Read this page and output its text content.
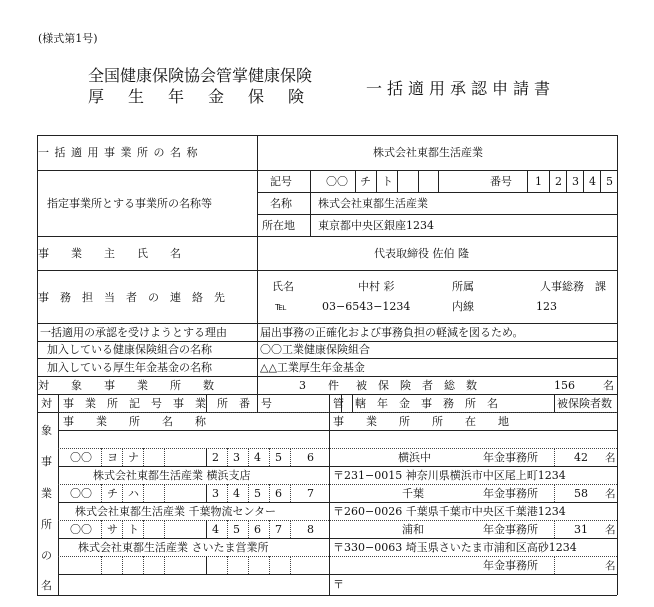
(様式第1号)
全国健康保険協会管掌健康保険
厚　生　年　金　保　険	一括適用承認申請書
一 括 適 用 事 業 所 の 名 称	株式会社東都生活産業
指定事業所とする事業所の名称等
記号	〇〇 チ ト	番号 1 2 3 4 5
名称 株式会社東都生活産業
所在地 東京都中央区銀座1234
事　　業　　主　　氏　　名	代表取締役 佐伯 隆
事　務　担　当　者　の　連　絡　先
氏名	中村 彩	所属	人事総務　課
℡	03−6543−1234	内線	123
一括適用の承認を受けようとする理由	届出事務の正確化および事務負担の軽減を図るため。
加入している健康保険組合の名称	〇〇工業健康保険組合
加入している厚生年金基金の名称	△△工業厚生年金基金
対　　象　　事　　業　　所　　数	3 件 被　保　険　者　総　数	156	名
対
象
事
業
所
の
名
事　業　所　記　号　事　業　所　番　号	管　轄　年　金　事　務　所　名	被保険者数
事　　業　　所　　名　　称	事　　業　　所　　所　　在　　地
〇〇 ヨ ナ	2 3 4 5 6	横浜中	年金事務所	42 名
株式会社東都生活産業 横浜支店	〒231−0015 神奈川県横浜市中区尾上町1234
〇〇 チ ハ	3 4 5 6 7	千葉	年金事務所	58 名
株式会社東都生活産業 千葉物流センター	〒260−0026 千葉県千葉市中央区千葉港1234
〇〇 サ ト	4 5 6 7 8	浦和	年金事務所	31 名
株式会社東都生活産業 さいたま営業所	〒330−0063 埼玉県さいたま市浦和区高砂1234
年金事務所	名
〒
